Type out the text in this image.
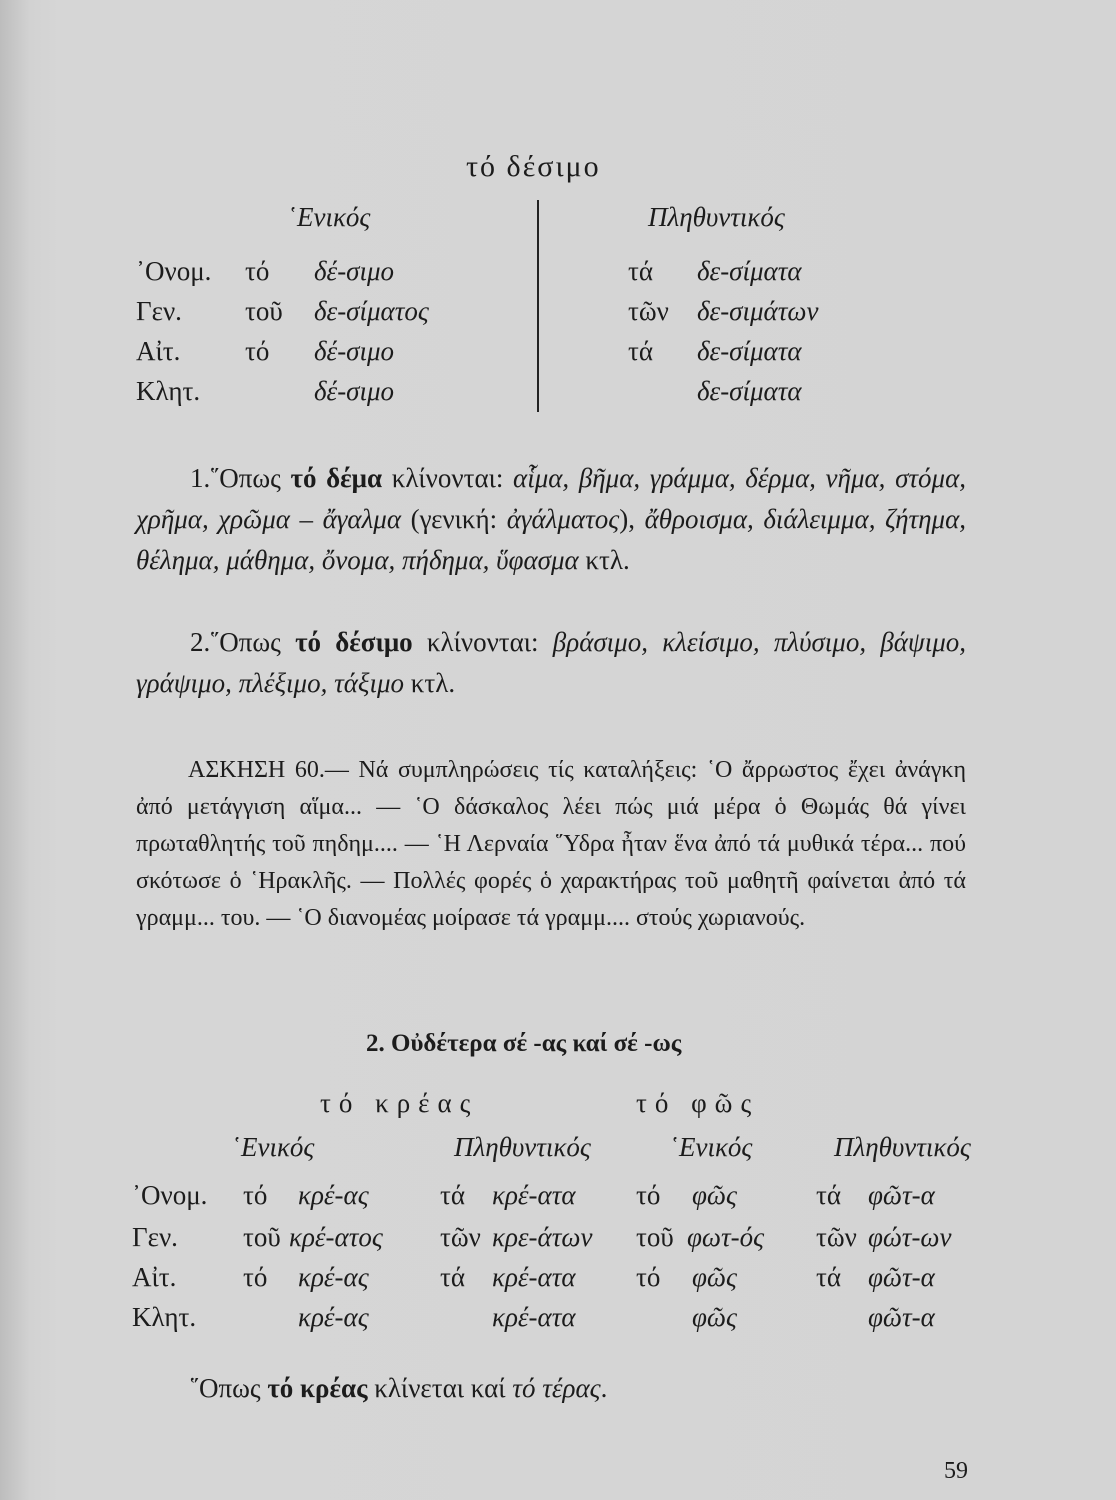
τό δέσιμο
῾Ενικός	Πληθυντικός
᾿Ονομ. τό δέ-σιμο	τά δε-σίματα
Γεν. τοῦ δε-σίματος	τῶν δε-σιμάτων
Αἰτ. τό δέ-σιμο	τά δε-σίματα
Κλητ.	δέ-σιμο	δε-σίματα
1.῞Οπως τό δέμα κλίνονται: αἷμα, βῆμα, γράμμα, δέρμα, νῆμα, στόμα, χρῆμα, χρῶμα – ἄγαλμα (γενική: ἀγάλματος), ἄθροισμα, διάλειμμα, ζήτημα, θέλημα, μάθημα, ὄνομα, πήδημα, ὕφασμα κτλ.
2.῞Οπως τό δέσιμο κλίνονται: βράσιμο, κλείσιμο, πλύσιμο, βάψιμο, γράψιμο, πλέξιμο, τάξιμο κτλ.
ΑΣΚΗΣΗ 60.— Νά συμπληρώσεις τίς καταλήξεις: ῾Ο ἄρρωστος ἔχει ἀνάγκη ἀπό μετάγγιση αἵμα... — ῾Ο δάσκαλος λέει πώς μιά μέρα ὁ Θωμάς θά γίνει πρωταθλητής τοῦ πηδημ.... — ῾Η Λερναία ῞Υδρα ἦταν ἕνα ἀπό τά μυθικά τέρα... πού σκότωσε ὁ ῾Ηρακλῆς. — Πολλές φορές ὁ χαρακτήρας τοῦ μαθητῆ φαίνεται ἀπό τά γραμμ... του. — ῾Ο διανομέας μοίρασε τά γραμμ.... στούς χωριανούς.
2. Οὐδέτερα σέ -ας καί σέ -ως
τό κρέας	τό φῶς
῾Ενικός	Πληθυντικός	῾Ενικός	Πληθυντικός
᾿Ονομ. τό κρέ-ας	τά κρέ-ατα τό φῶς	τά φῶτ-α
Γεν. τοῦ κρέ-ατος τῶν κρε-άτων τοῦ φωτ-ός τῶν φώτ-ων
Αἰτ. τό κρέ-ας	τά κρέ-ατα τό φῶς	τά φῶτ-α
Κλητ.	κρέ-ας	κρέ-ατα	φῶς	φῶτ-α
῞Οπως τό κρέας κλίνεται καί τό τέρας.
59
